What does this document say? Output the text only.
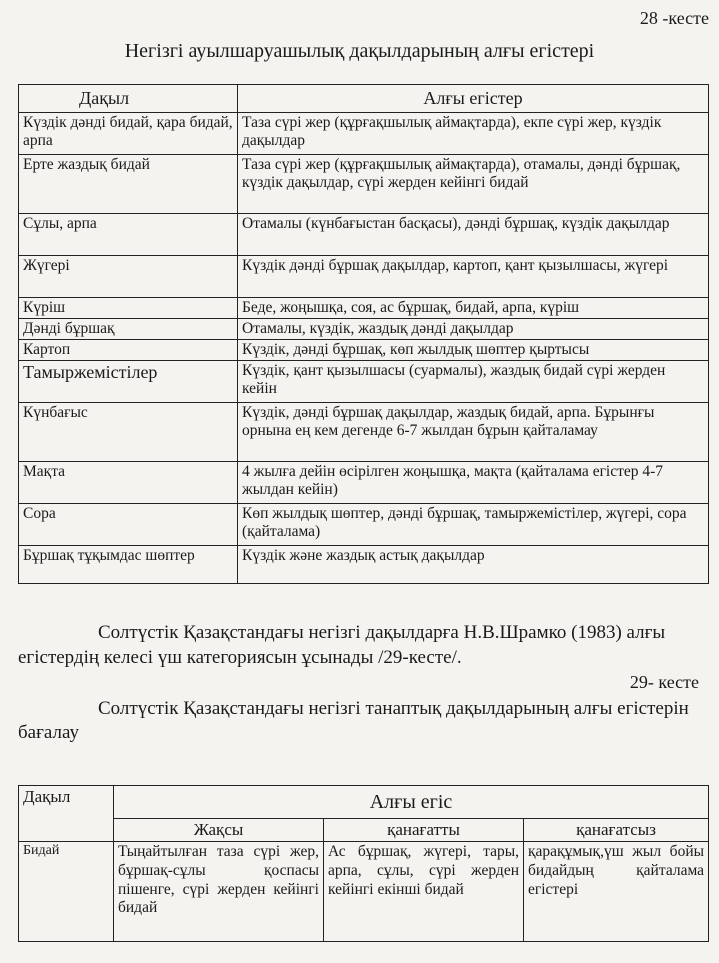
28 -кесте
Негізгі ауылшаруашылық дақылдарының алғы егістері
Дақыл	Алғы егістер
Күздік дәнді бидай, қара бидай, арпа	Таза сүрі жер (құрғақшылық аймақтарда), екпе сүрі жер, күздік дақылдар
Ерте жаздық бидай	Таза сүрі жер (құрғақшылық аймақтарда), отамалы, дәнді бұршақ, күздік дақылдар, сүрі жерден кейінгі бидай
Сұлы, арпа	Отамалы (күнбағыстан басқасы), дәнді бұршақ, күздік дақылдар
Жүгері	Күздік дәнді бұршақ дақылдар, картоп, қант қызылшасы, жүгері
Күріш	Беде, жоңышқа, соя, ас бұршақ, бидай, арпа, күріш
Дәнді бұршақ	Отамалы, күздік, жаздық дәнді дақылдар
Картоп	Күздік, дәнді бұршақ, көп жылдық шөптер қыртысы
Тамыржемістілер	Күздік, қант қызылшасы (суармалы), жаздық бидай сүрі жерден кейін
Күнбағыс	Күздік, дәнді бұршақ дақылдар, жаздық бидай, арпа. Бұрынғы орнына ең кем дегенде 6-7 жылдан бұрын қайталамау
Мақта	4 жылға дейін өсірілген жоңышқа, мақта (қайталама егістер 4-7 жылдан кейін)
Сора	Көп жылдық шөптер, дәнді бұршақ, тамыржемістілер, жүгері, сора (қайталама)
Бұршақ тұқымдас шөптер	Күздік және жаздық астық дақылдар
Солтүстік Қазақстандағы негізгі дақылдарға Н.В.Шрамко (1983) алғы егістердің келесі үш категориясын ұсынады /29-кесте/.
29- кесте
Солтүстік Қазақстандағы негізгі танаптық дақылдарының алғы егістерін бағалау
Дақыл	Алғы егіс		
	Жақсы	қанағатты	қанағатсыз
Бидай	Тыңайтылған таза сүрі жер, бұршақ-сұлы қоспасы пішенге, сүрі жерден кейінгі бидай	Ас бұршақ, жүгері, тары, арпа, сұлы, сүрі жерден кейінгі екінші бидай	қарақұмық,үш жыл бойы бидайдың қайталама егістері
